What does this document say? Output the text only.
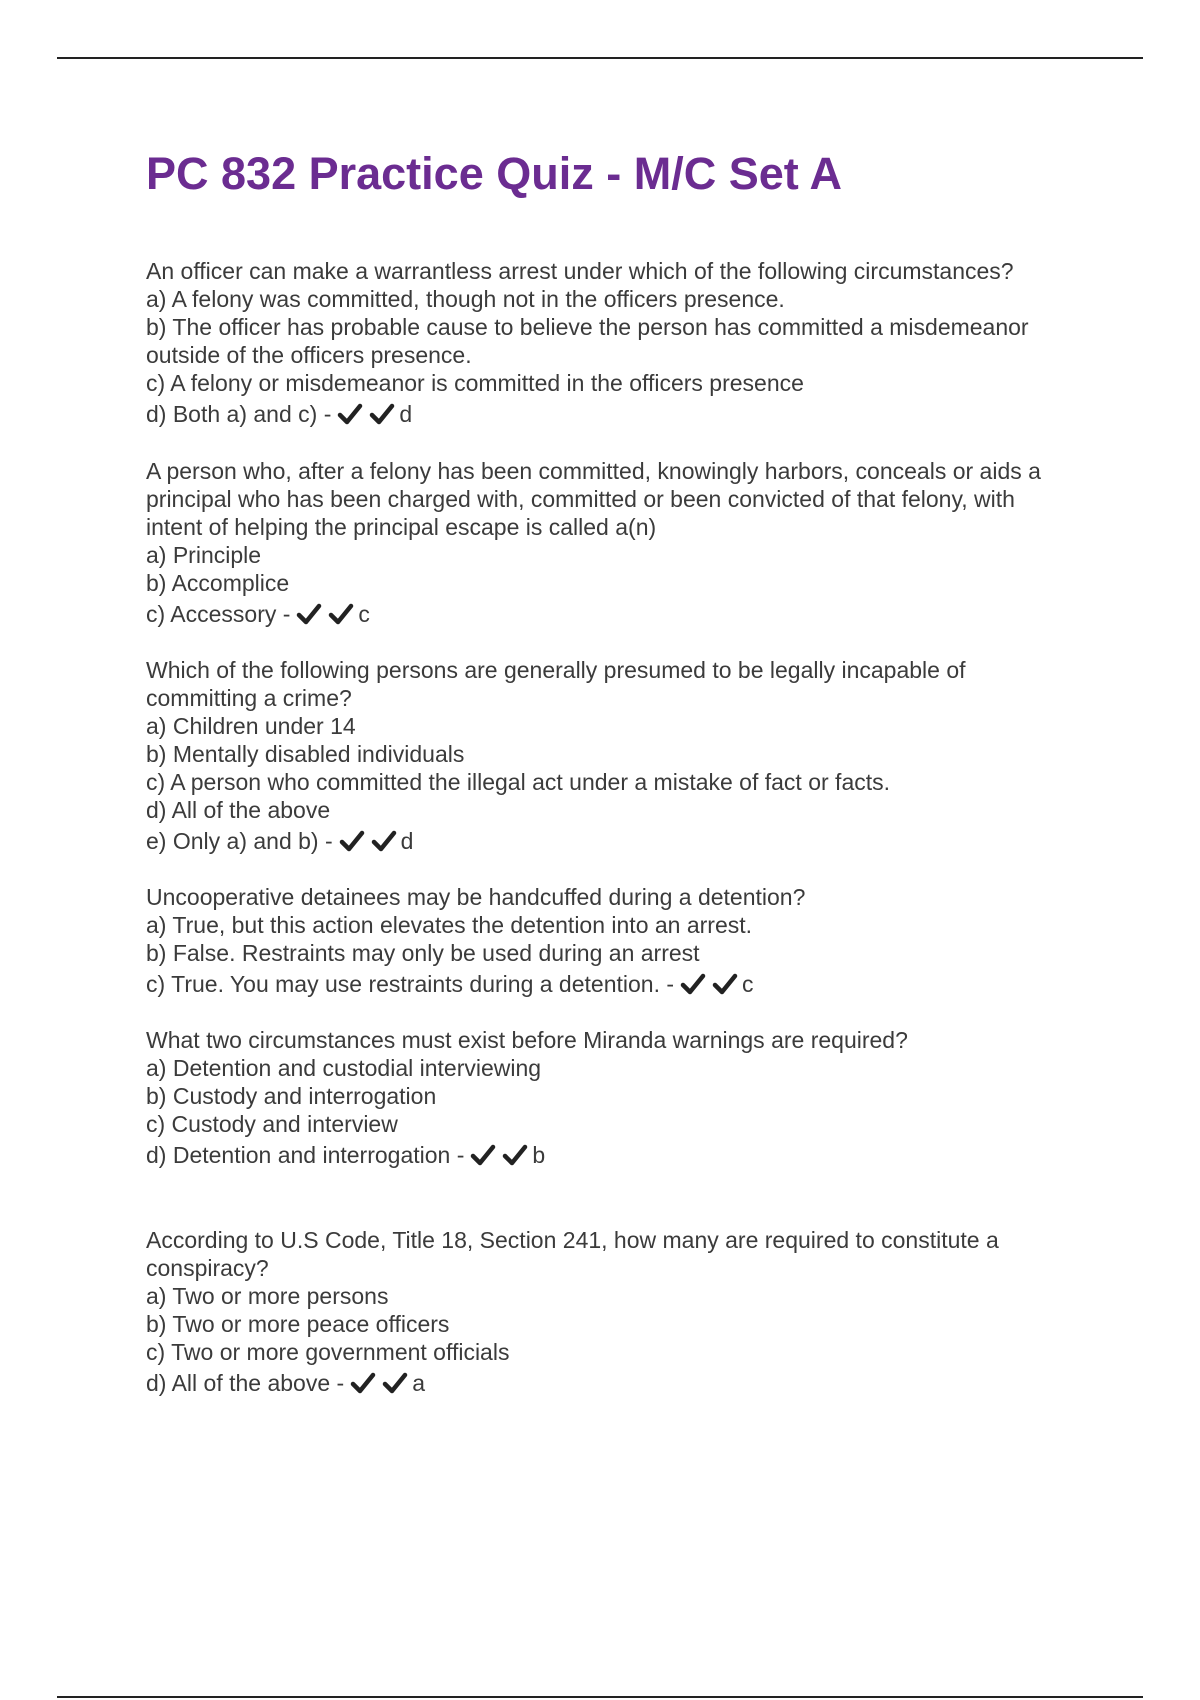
PC 832 Practice Quiz - M/C Set A
An officer can make a warrantless arrest under which of the following circumstances?
a) A felony was committed, though not in the officers presence.
b) The officer has probable cause to believe the person has committed a misdemeanor
outside of the officers presence.
c) A felony or misdemeanor is committed in the officers presence
d) Both a) and c) -	d
A person who, after a felony has been committed, knowingly harbors, conceals or aids a
principal who has been charged with, committed or been convicted of that felony, with
intent of helping the principal escape is called a(n)
a) Principle
b) Accomplice
c) Accessory -	c
Which of the following persons are generally presumed to be legally incapable of
committing a crime?
a) Children under 14
b) Mentally disabled individuals
c) A person who committed the illegal act under a mistake of fact or facts.
d) All of the above
e) Only a) and b) -	d
Uncooperative detainees may be handcuffed during a detention?
a) True, but this action elevates the detention into an arrest.
b) False. Restraints may only be used during an arrest
c) True. You may use restraints during a detention. -	c
What two circumstances must exist before Miranda warnings are required?
a) Detention and custodial interviewing
b) Custody and interrogation
c) Custody and interview
d) Detention and interrogation -	b
According to U.S Code, Title 18, Section 241, how many are required to constitute a
conspiracy?
a) Two or more persons
b) Two or more peace officers
c) Two or more government officials
d) All of the above -	a
